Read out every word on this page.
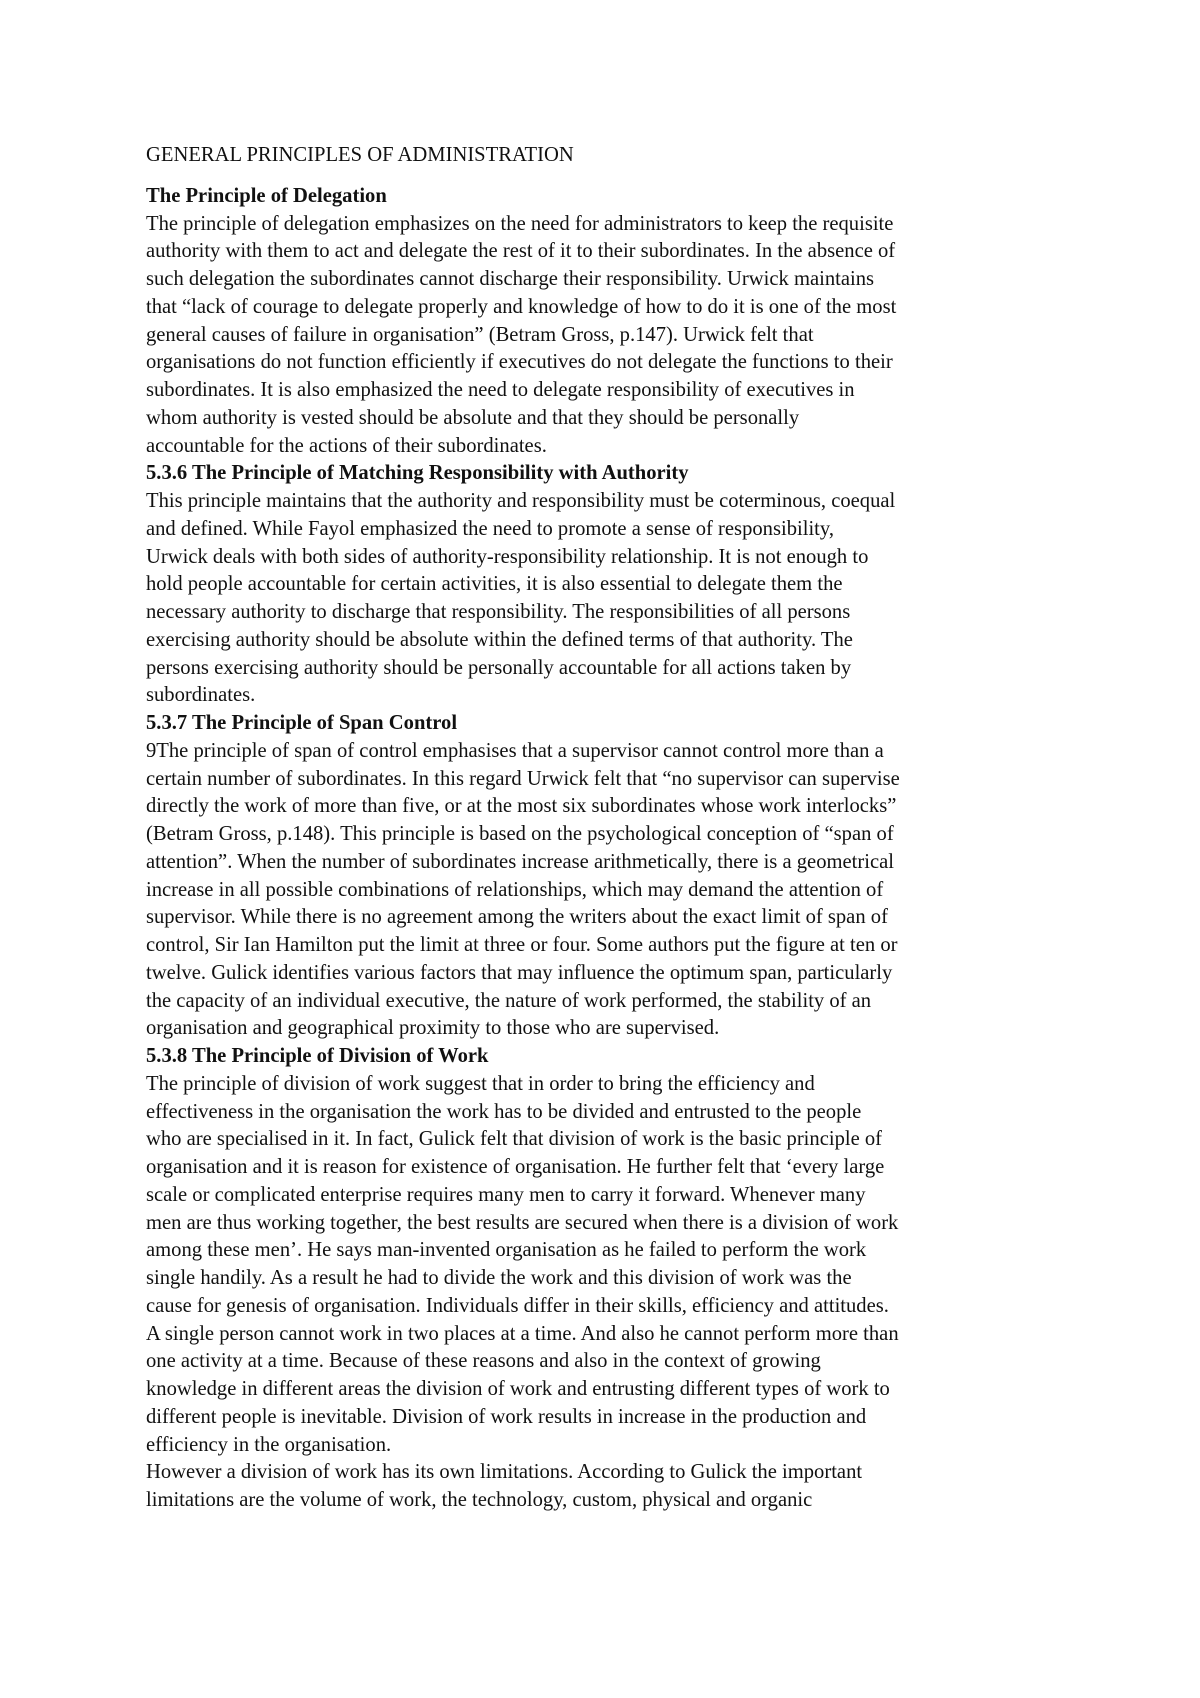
GENERAL PRINCIPLES OF ADMINISTRATION

The Principle of Delegation

The principle of delegation emphasizes on the need for administrators to keep the requisite
authority with them to act and delegate the rest of it to their subordinates. In the absence of
such delegation the subordinates cannot discharge their responsibility. Urwick maintains
that “lack of courage to delegate properly and knowledge of how to do it is one of the most
general causes of failure in organisation” (Betram Gross, p.147). Urwick felt that
organisations do not function efficiently if executives do not delegate the functions to their
subordinates. It is also emphasized the need to delegate responsibility of executives in
whom authority is vested should be absolute and that they should be personally
accountable for the actions of their subordinates.

5.3.6 The Principle of Matching Responsibility with Authority

This principle maintains that the authority and responsibility must be coterminous, coequal
and defined. While Fayol emphasized the need to promote a sense of responsibility,
Urwick deals with both sides of authority-responsibility relationship. It is not enough to
hold people accountable for certain activities, it is also essential to delegate them the
necessary authority to discharge that responsibility. The responsibilities of all persons
exercising authority should be absolute within the defined terms of that authority. The
persons exercising authority should be personally accountable for all actions taken by
subordinates.

5.3.7 The Principle of Span Control

9The principle of span of control emphasises that a supervisor cannot control more than a
certain number of subordinates. In this regard Urwick felt that “no supervisor can supervise
directly the work of more than five, or at the most six subordinates whose work interlocks”
(Betram Gross, p.148). This principle is based on the psychological conception of “span of
attention”. When the number of subordinates increase arithmetically, there is a geometrical
increase in all possible combinations of relationships, which may demand the attention of
supervisor. While there is no agreement among the writers about the exact limit of span of
control, Sir Ian Hamilton put the limit at three or four. Some authors put the figure at ten or
twelve. Gulick identifies various factors that may influence the optimum span, particularly
the capacity of an individual executive, the nature of work performed, the stability of an
organisation and geographical proximity to those who are supervised.

5.3.8 The Principle of Division of Work

The principle of division of work suggest that in order to bring the efficiency and
effectiveness in the organisation the work has to be divided and entrusted to the people
who are specialised in it. In fact, Gulick felt that division of work is the basic principle of
organisation and it is reason for existence of organisation. He further felt that ‘every large
scale or complicated enterprise requires many men to carry it forward. Whenever many
men are thus working together, the best results are secured when there is a division of work
among these men’. He says man-invented organisation as he failed to perform the work
single handily. As a result he had to divide the work and this division of work was the
cause for genesis of organisation. Individuals differ in their skills, efficiency and attitudes.
A single person cannot work in two places at a time. And also he cannot perform more than
one activity at a time. Because of these reasons and also in the context of growing
knowledge in different areas the division of work and entrusting different types of work to
different people is inevitable. Division of work results in increase in the production and
efficiency in the organisation.

However a division of work has its own limitations. According to Gulick the important
limitations are the volume of work, the technology, custom, physical and organic
